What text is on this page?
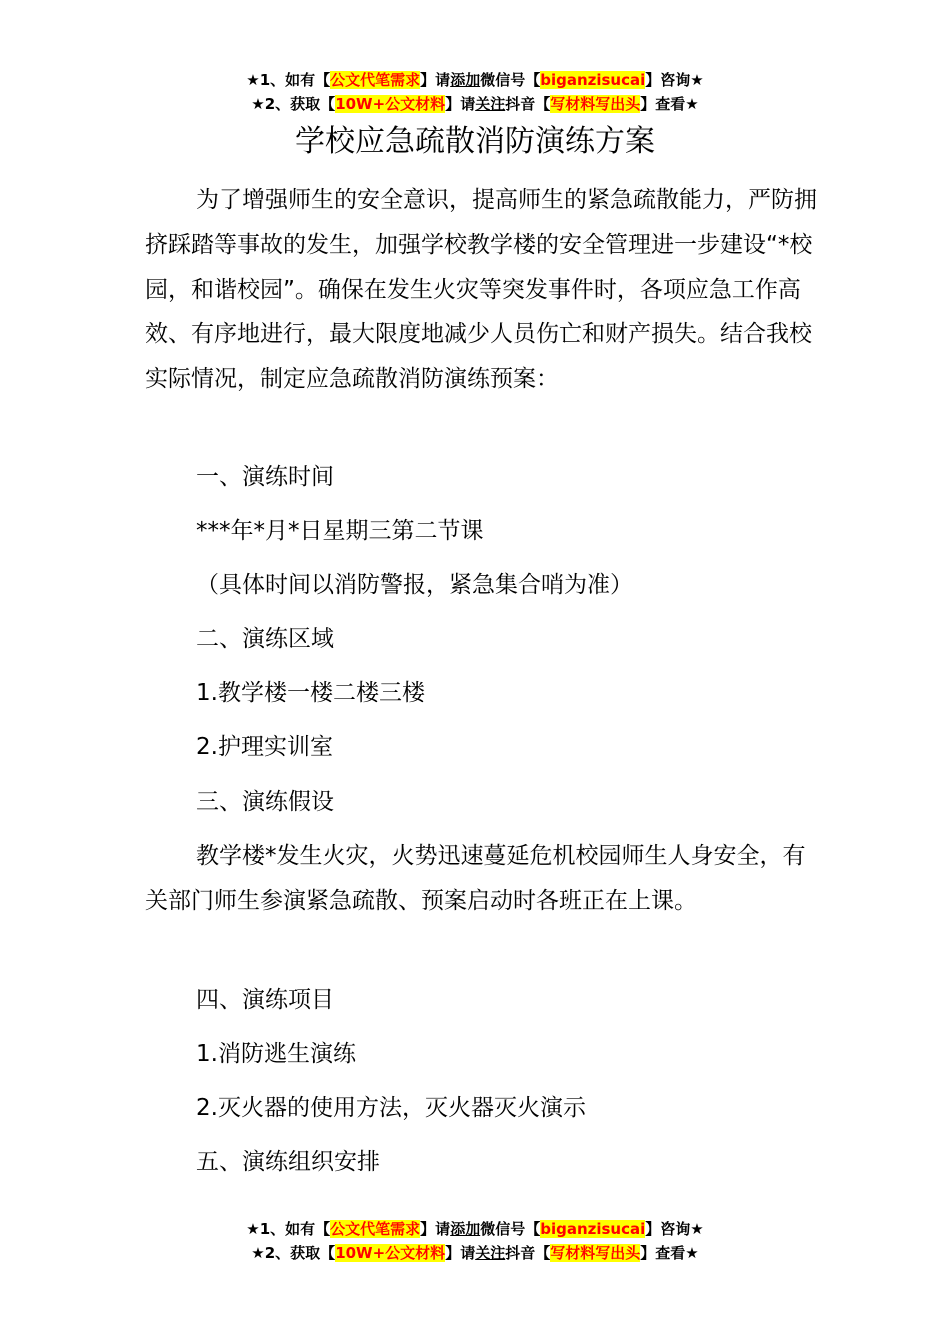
★1、如有【公文代笔需求】请添加微信号【biganzisucai】咨询★
★2、获取【10W+公文材料】请关注抖音【写材料写出头】查看★
学校应急疏散消防演练方案

为了增强师生的安全意识，提高师生的紧急疏散能力，严防拥挤踩踏等事故的发生，加强学校教学楼的安全管理进一步建设“*校园，和谐校园”。确保在发生火灾等突发事件时，各项应急工作高效、有序地进行，最大限度地减少人员伤亡和财产损失。结合我校实际情况，制定应急疏散消防演练预案：

一、演练时间

***年*月*日星期三第二节课

（具体时间以消防警报，紧急集合哨为准）

二、演练区域

1.教学楼一楼二楼三楼

2.护理实训室

三、演练假设

教学楼*发生火灾，火势迅速蔓延危机校园师生人身安全，有关部门师生参演紧急疏散、预案启动时各班正在上课。

四、演练项目

1.消防逃生演练

2.灭火器的使用方法，灭火器灭火演示

五、演练组织安排

★1、如有【公文代笔需求】请添加微信号【biganzisucai】咨询★
★2、获取【10W+公文材料】请关注抖音【写材料写出头】查看★
